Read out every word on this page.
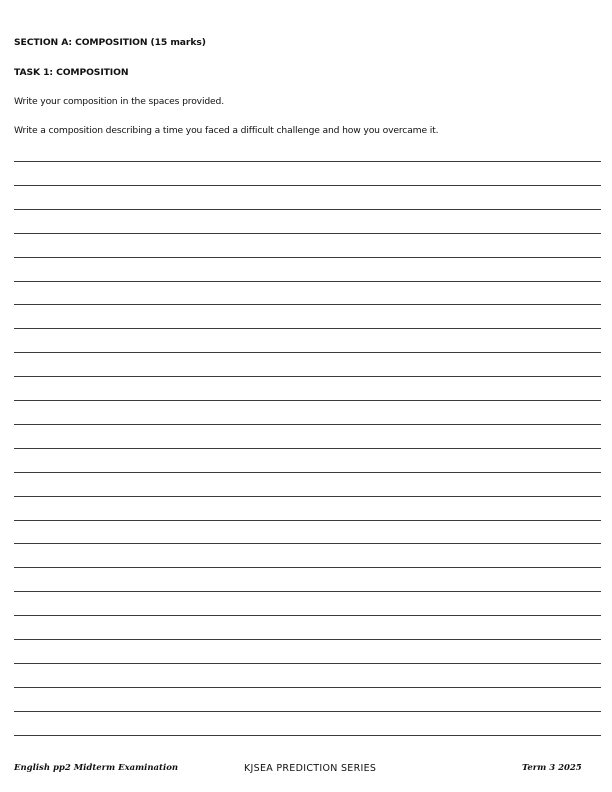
SECTION A: COMPOSITION (15 marks)
TASK 1: COMPOSITION
Write your composition in the spaces provided.
Write a composition describing a time you faced a difficult challenge and how you overcame it.
English pp2 Midterm Examination	KJSEA PREDICTION SERIES	Term 3 2025
